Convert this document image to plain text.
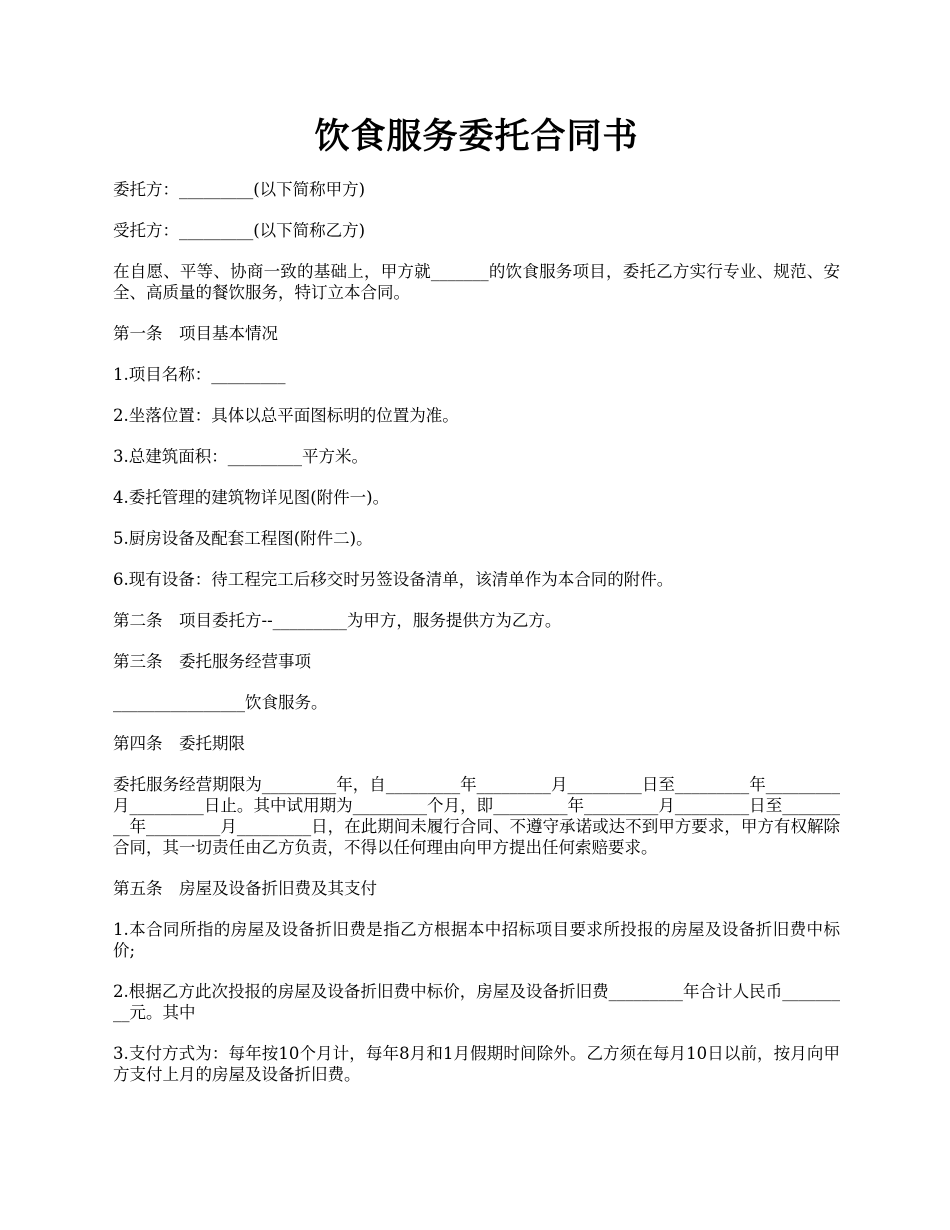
饮食服务委托合同书

委托方：_________(以下简称甲方)

受托方：_________(以下简称乙方)

在自愿、平等、协商一致的基础上，甲方就_______的饮食服务项目，委托乙方实行专业、规范、安全、高质量的餐饮服务，特订立本合同。

第一条　项目基本情况

1.项目名称：_________

2.坐落位置：具体以总平面图标明的位置为准。

3.总建筑面积：_________平方米。

4.委托管理的建筑物详见图(附件一)。

5.厨房设备及配套工程图(附件二)。

6.现有设备：待工程完工后移交时另签设备清单，该清单作为本合同的附件。

第二条　项目委托方--_________为甲方，服务提供方为乙方。

第三条　委托服务经营事项

________________饮食服务。

第四条　委托期限

委托服务经营期限为_________年，自_________年_________月_________日至_________年_________月_________日止。其中试用期为_________个月，即_________年_________月_________日至_________年_________月_________日，在此期间未履行合同、不遵守承诺或达不到甲方要求，甲方有权解除合同，其一切责任由乙方负责，不得以任何理由向甲方提出任何索赔要求。

第五条　房屋及设备折旧费及其支付

1.本合同所指的房屋及设备折旧费是指乙方根据本中招标项目要求所投报的房屋及设备折旧费中标价;

2.根据乙方此次投报的房屋及设备折旧费中标价，房屋及设备折旧费_________年合计人民币_________元。其中

3.支付方式为：每年按10个月计，每年8月和1月假期时间除外。乙方须在每月10日以前，按月向甲方支付上月的房屋及设备折旧费。
